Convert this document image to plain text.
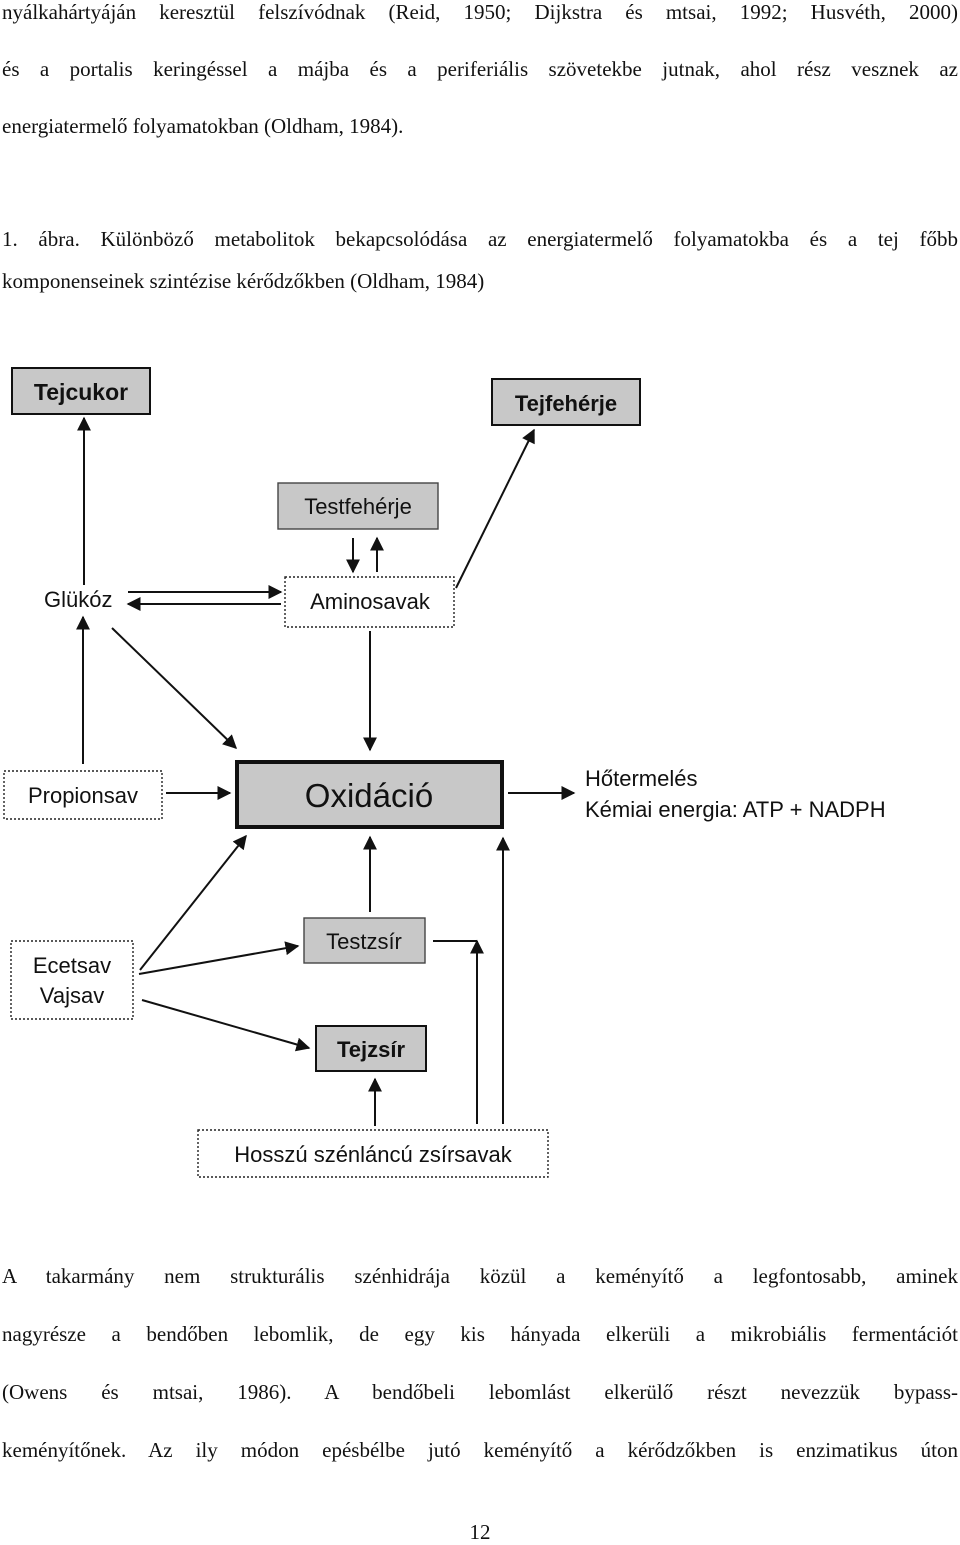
nyálkahártyáján keresztül felszívódnak (Reid, 1950; Dijkstra és mtsai, 1992; Husvéth, 2000)
és a portalis keringéssel a májba és a periferiális szövetekbe jutnak, ahol rész vesznek az
energiatermelő folyamatokban (Oldham, 1984).
1. ábra. Különböző metabolitok bekapcsolódása az energiatermelő folyamatokba és a tej főbb
komponenseinek szintézise kérődzőkben (Oldham, 1984)
Tejcukor	Tejfehérje
Testfehérje
Glükóz	Aminosavak
Propionsav	Oxidáció	Hőtermelés
Kémiai energia: ATP + NADPH
Ecetsav
Vajsav
Testzsír
Tejzsír
Hosszú szénláncú zsírsavak
A takarmány nem strukturális szénhidrája közül a keményítő a legfontosabb, aminek
nagyrésze a bendőben lebomlik, de egy kis hányada elkerüli a mikrobiális fermentációt
(Owens és mtsai, 1986). A bendőbeli lebomlást elkerülő részt nevezzük bypass-
keményítőnek. Az ily módon epésbélbe jutó keményítő a kérődzőkben is enzimatikus úton
12
